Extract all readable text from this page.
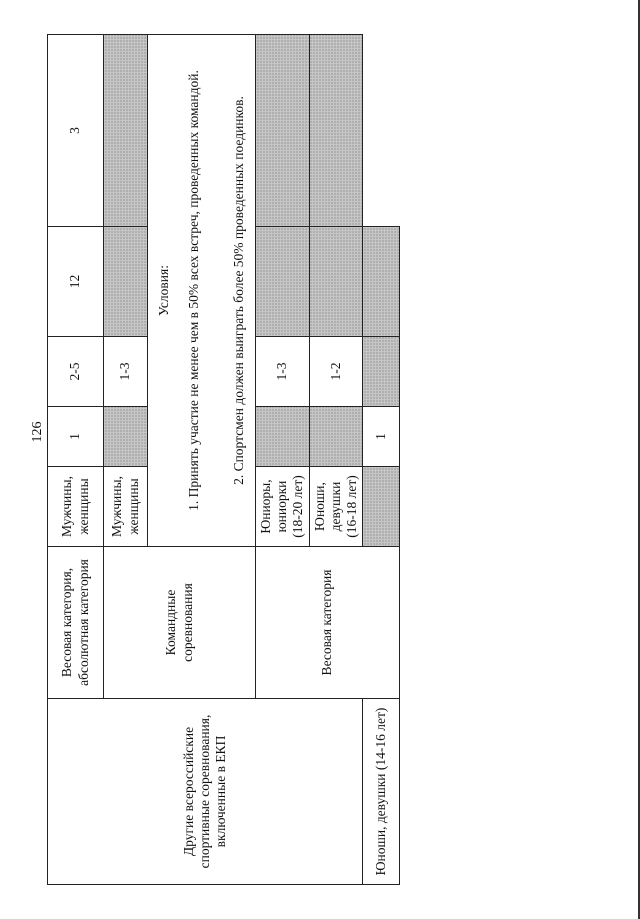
126
Другие всероссийские спортивные соревнования, включенные в ЕКП	Весовая категория, абсолютная категория	Мужчины, женщины	1	2-5	12	3
	Командные соревнования	Мужчины, женщины		1-3		

		Условия: 1. Принять участие не менее чем в 50% всех встреч, проведенных командой. 2. Спортсмен должен выиграть более 50% проведенных поединков.				

	Весовая категория	Юниоры, юниорки (18-20 лет)		1-3		
		Юноши, девушки (16-18 лет)		1-2		
Юноши, девушки (14-16 лет)			1			
